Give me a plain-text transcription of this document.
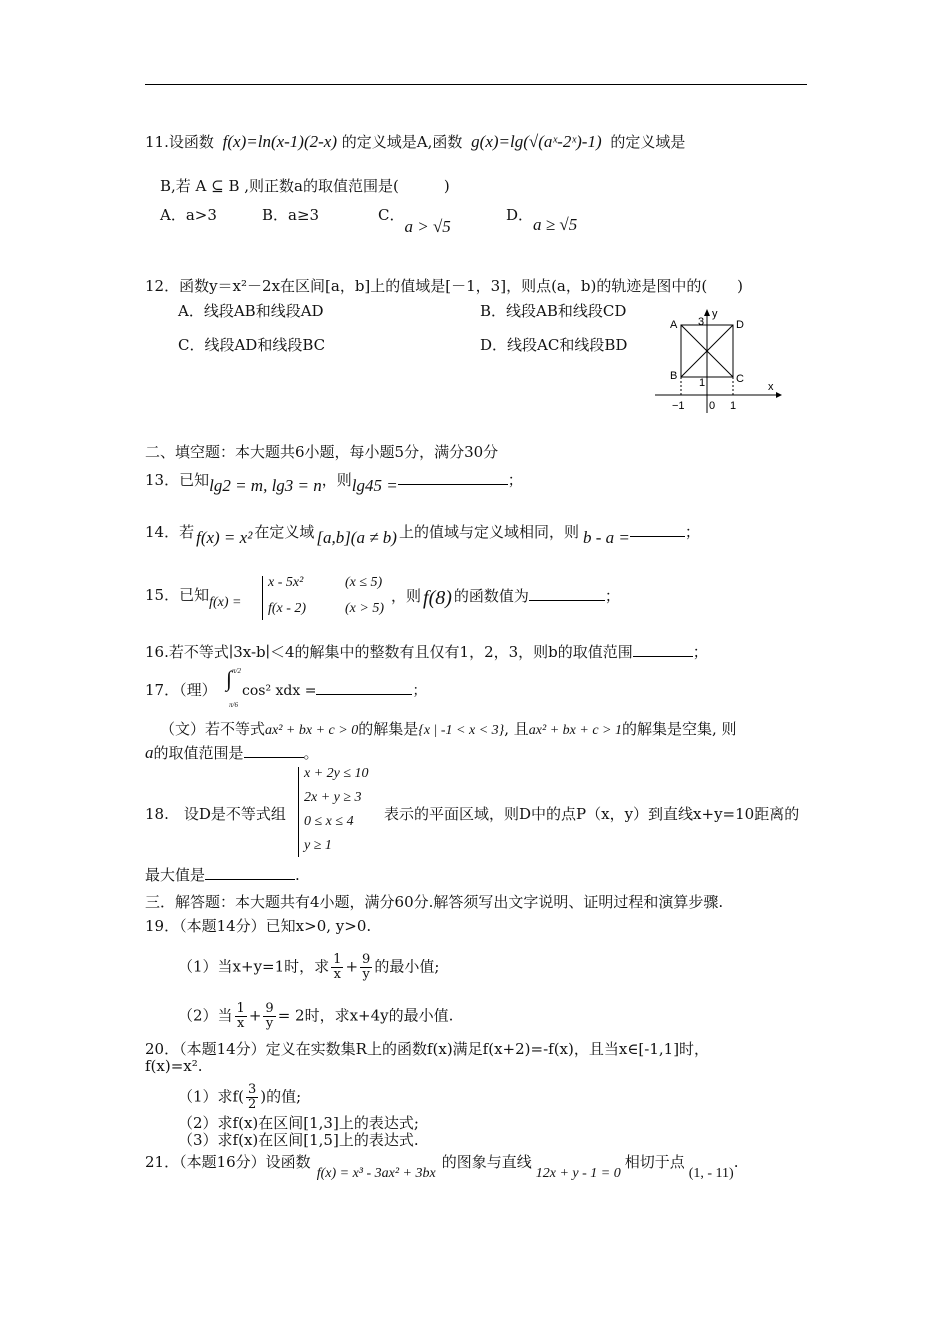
11.设函数 f(x)=ln(x-1)(2-x) 的定义域是A,函数 g(x)=lg(√(aˣ-2ˣ)-1) 的定义域是
B,若 A ⊆ B ,则正数a的取值范围是(　　　)
A．a>3	B．a≥3	C．a > √5
D．a ≥ √5
12．函数y＝x²－2x在区间[a，b]上的值域是[－1，3]，则点(a，b)的轨迹是图中的(　　)
A．线段AB和线段AD	B．线段AB和线段CD
C．线段AD和线段BC	D．线段AC和线段BD
A	D
B	C
3
y
1	x
−1 0 1
二、填空题：本大题共6小题，每小题5分，满分30分
13．已知lg2 = m, lg3 = n，则lg45 =	；
14．若 f(x) = x² 在定义域 [a,b](a ≠ b) 上的值域与定义域相同，则 b - a =	；
15．已知f(x) =
x - 5x²	(x ≤ 5)
f(x - 2)	(x > 5)
，则 f(8) 的函数值为	；
16.若不等式∣3x-b∣＜4的解集中的整数有且仅有1，2，3，则b的取值范围	；
17．（理） ∫ π/2
π/6
cos² xdx =	；
（文）若不等式ax² + bx + c > 0的解集是{x | -1 < x < 3}, 且ax² + bx + c > 1的解集是空集, 则
a的取值范围是	。
18.　设D是不等式组
x + 2y ≤ 10
2x + y ≥ 3
0 ≤ x ≤ 4
y ≥ 1
表示的平面区域，则D中的点P（x，y）到直线x+y=10距离的
最大值是	.
三．解答题：本大题共有4小题，满分60分.解答须写出文字说明、证明过程和演算步骤.
19．（本题14分）已知x>0, y>0.
（1）当x+y=1时，求 $\frac{1}{x} + \frac{9}{y}$ 的最小值;
（2）当 $\frac{1}{x} + \frac{9}{y} = 2$时，求x+4y的最小值.
20．（本题14分）定义在实数集R上的函数f(x)满足f(x+2)=-f(x)，且当x∈[-1,1]时，
f(x)=x².
（1）求$f( \frac{3}{2}$ )的值;
（2）求f(x)在区间[1,3]上的表达式;
（3）求f(x)在区间[1,5]上的表达式.
21．（本题16分）设函数f(x) = x³ - 3ax² + 3bx的图象与直线12x + y - 1 = 0相切于点(1, - 11).
